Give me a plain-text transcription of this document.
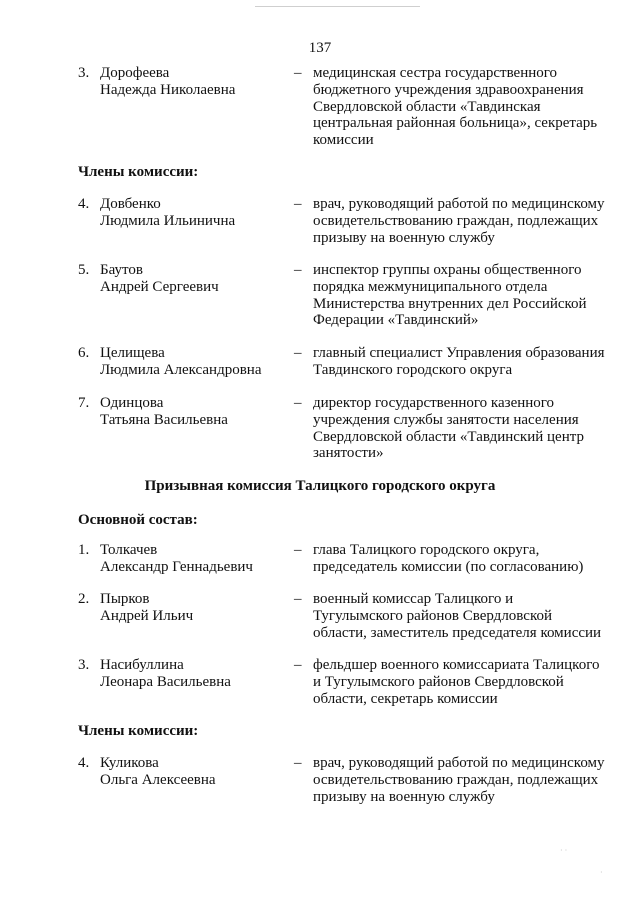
137
3. Дорофеева
Надежда Николаевна
– медицинская сестра государственного
бюджетного учреждения здравоохранения
Свердловской области «Тавдинская
центральная районная больница», секретарь
комиссии
Члены комиссии:
4. Довбенко
Людмила Ильинична
– врач, руководящий работой по медицинскому
освидетельствованию граждан, подлежащих
призыву на военную службу
5. Баутов
Андрей Сергеевич
– инспектор группы охраны общественного
порядка межмуниципального отдела
Министерства внутренних дел Российской
Федерации «Тавдинский»
6. Целищева
Людмила Александровна
– главный специалист Управления образования
Тавдинского городского округа
7. Одинцова
Татьяна Васильевна
– директор государственного казенного
учреждения службы занятости населения
Свердловской области «Тавдинский центр
занятости»
Призывная комиссия Талицкого городского округа
Основной состав:
1. Толкачев
Александр Геннадьевич
– глава Талицкого городского округа,
председатель комиссии (по согласованию)
2. Пырков
Андрей Ильич
– военный комиссар Талицкого и
Тугулымского районов Свердловской
области, заместитель председателя комиссии
3. Насибуллина
Леонара Васильевна
– фельдшер военного комиссариата Талицкого
и Тугулымского районов Свердловской
области, секретарь комиссии
Члены комиссии:
4. Куликова
Ольга Алексеевна
– врач, руководящий работой по медицинскому
освидетельствованию граждан, подлежащих
призыву на военную службу
· ·
·
